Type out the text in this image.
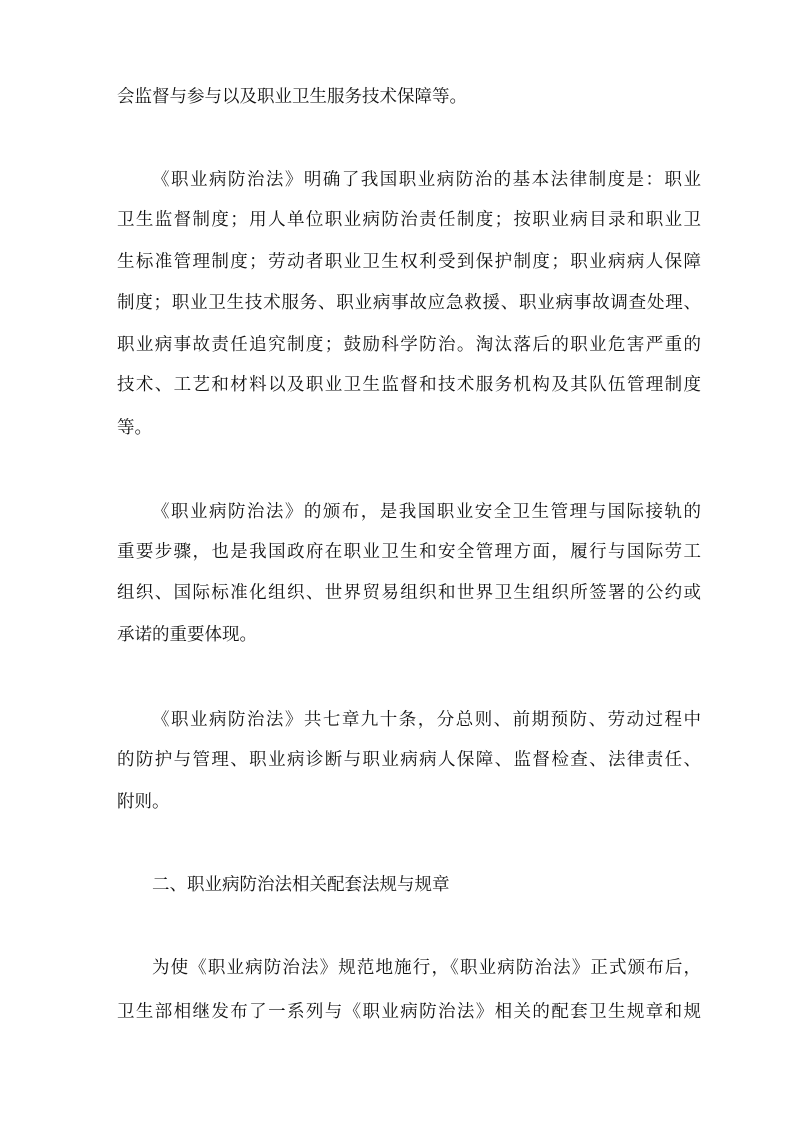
会监督与参与以及职业卫生服务技术保障等。
《职业病防治法》明确了我国职业病防治的基本法律制度是：职业
卫生监督制度；用人单位职业病防治责任制度；按职业病目录和职业卫
生标准管理制度；劳动者职业卫生权利受到保护制度；职业病病人保障
制度；职业卫生技术服务、职业病事故应急救援、职业病事故调查处理、
职业病事故责任追究制度；鼓励科学防治。淘汰落后的职业危害严重的
技术、工艺和材料以及职业卫生监督和技术服务机构及其队伍管理制度
等。
《职业病防治法》的颁布，是我国职业安全卫生管理与国际接轨的
重要步骤，也是我国政府在职业卫生和安全管理方面，履行与国际劳工
组织、国际标准化组织、世界贸易组织和世界卫生组织所签署的公约或
承诺的重要体现。
《职业病防治法》共七章九十条，分总则、前期预防、劳动过程中
的防护与管理、职业病诊断与职业病病人保障、监督检查、法律责任、
附则。
二、职业病防治法相关配套法规与规章
为使《职业病防治法》规范地施行，《职业病防治法》正式颁布后，
卫生部相继发布了一系列与《职业病防治法》相关的配套卫生规章和规
